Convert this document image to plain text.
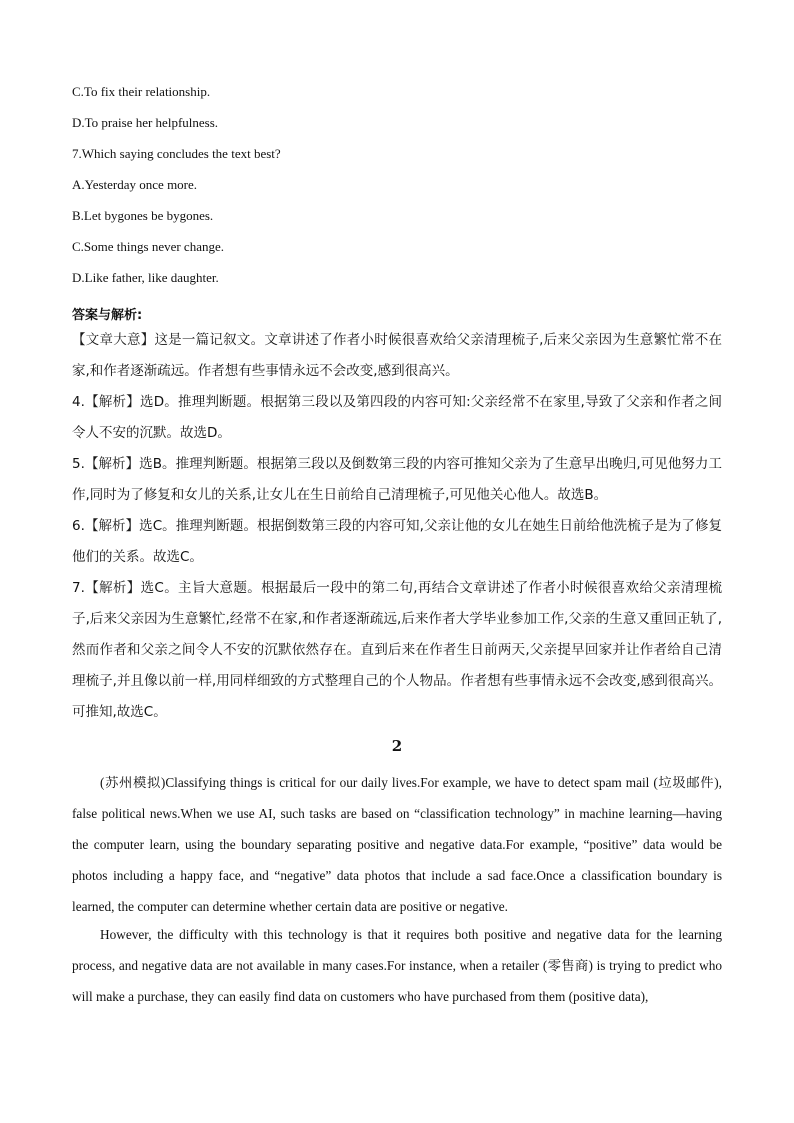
C.To fix their relationship.
D.To praise her helpfulness.
7.Which saying concludes the text best?
A.Yesterday once more.
B.Let bygones be bygones.
C.Some things never change.
D.Like father, like daughter.
答案与解析:
【文章大意】这是一篇记叙文。文章讲述了作者小时候很喜欢给父亲清理梳子,后来父亲因为生意繁忙常不在家,和作者逐渐疏远。作者想有些事情永远不会改变,感到很高兴。
4.【解析】选D。推理判断题。根据第三段以及第四段的内容可知:父亲经常不在家里,导致了父亲和作者之间令人不安的沉默。故选D。
5.【解析】选B。推理判断题。根据第三段以及倒数第三段的内容可推知父亲为了生意早出晚归,可见他努力工作,同时为了修复和女儿的关系,让女儿在生日前给自己清理梳子,可见他关心他人。故选B。
6.【解析】选C。推理判断题。根据倒数第三段的内容可知,父亲让他的女儿在她生日前给他洗梳子是为了修复他们的关系。故选C。
7.【解析】选C。主旨大意题。根据最后一段中的第二句,再结合文章讲述了作者小时候很喜欢给父亲清理梳子,后来父亲因为生意繁忙,经常不在家,和作者逐渐疏远,后来作者大学毕业参加工作,父亲的生意又重回正轨了,然而作者和父亲之间令人不安的沉默依然存在。直到后来在作者生日前两天,父亲提早回家并让作者给自己清理梳子,并且像以前一样,用同样细致的方式整理自己的个人物品。作者想有些事情永远不会改变,感到很高兴。可推知,故选C。
2
(苏州模拟)Classifying things is critical for our daily lives.For example, we have to detect spam mail (垃圾邮件), false political news.When we use AI, such tasks are based on “classification technology” in machine learning—having the computer learn, using the boundary separating positive and negative data.For example, “positive” data would be photos including a happy face, and “negative” data photos that include a sad face.Once a classification boundary is learned, the computer can determine whether certain data are positive or negative.
However, the difficulty with this technology is that it requires both positive and negative data for the learning process, and negative data are not available in many cases.For instance, when a retailer (零售商) is trying to predict who will make a purchase, they can easily find data on customers who have purchased from them (positive data),
